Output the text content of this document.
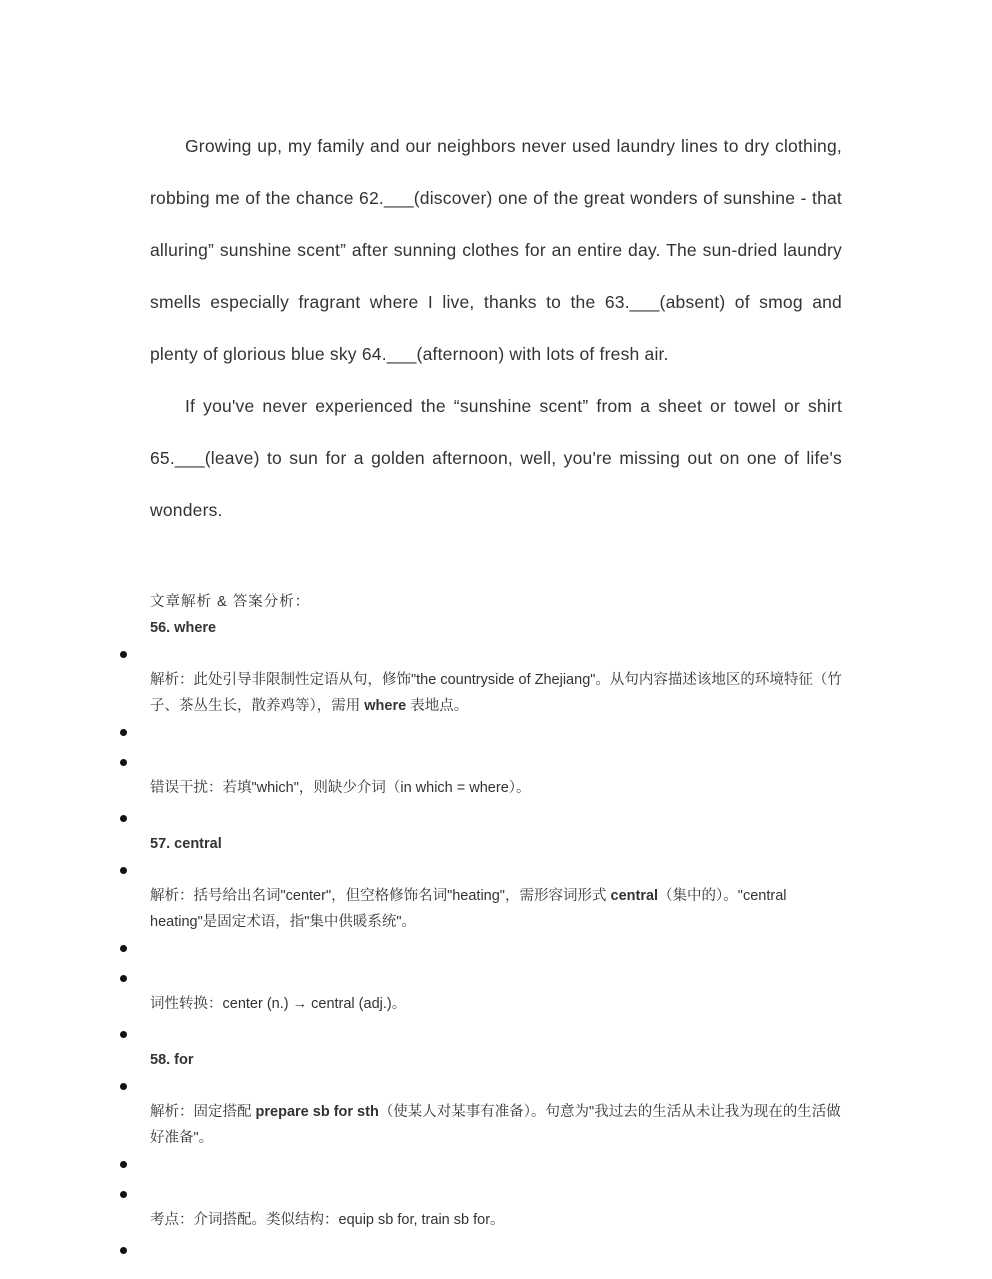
Growing up, my family and our neighbors never used laundry lines to dry clothing, robbing me of the chance 62.___(discover) one of the great wonders of sunshine - that alluring” sunshine scent” after sunning clothes for an entire day. The sun-dried laundry smells especially fragrant where I live, thanks to the 63.___(absent) of smog and plenty of glorious blue sky 64.___(afternoon) with lots of fresh air.

If you've never experienced the “sunshine scent” from a sheet or towel or shirt 65.___(leave) to sun for a golden afternoon, well, you're missing out on one of life's wonders.

文章解析 & 答案分析：
56. where
解析：此处引导非限制性定语从句，修饰"the countryside of Zhejiang"。从句内容描述该地区的环境特征（竹子、茶丛生长，散养鸡等），需用 where 表地点。
错误干扰：若填"which"，则缺少介词（in which = where）。
57. central
解析：括号给出名词"center"，但空格修饰名词"heating"，需形容词形式 central（集中的）。"central heating"是固定术语，指"集中供暖系统"。
词性转换：center (n.) → central (adj.)。
58. for
解析：固定搭配 prepare sb for sth（使某人对某事有准备）。句意为"我过去的生活从未让我为现在的生活做好准备"。
考点：介词搭配。类似结构：equip sb for, train sb for。
